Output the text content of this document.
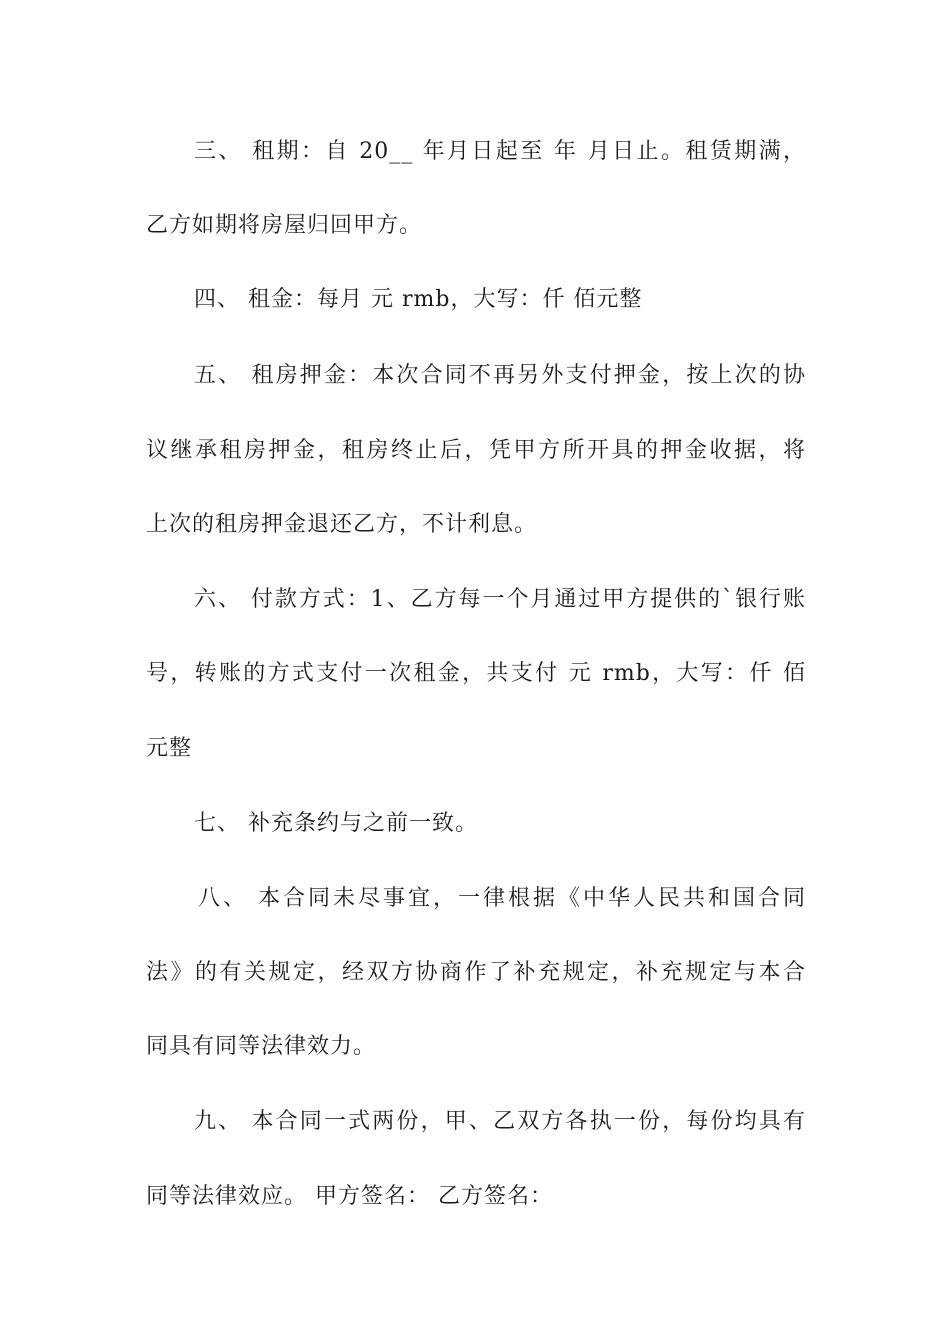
三、 租期：自 20__ 年月日起至 年 月日止。租赁期满，
乙方如期将房屋归回甲方。
四、 租金：每月 元 rmb，大写：仟 佰元整
五、 租房押金：本次合同不再另外支付押金，按上次的协
议继承租房押金，租房终止后，凭甲方所开具的押金收据，将
上次的租房押金退还乙方，不计利息。
六、 付款方式：1、乙方每一个月通过甲方提供的`银行账
号，转账的方式支付一次租金，共支付 元 rmb，大写：仟 佰
元整
七、 补充条约与之前一致。
八、 本合同未尽事宜，一律根据《中华人民共和国合同
法》的有关规定，经双方协商作了补充规定，补充规定与本合
同具有同等法律效力。
九、 本合同一式两份，甲、乙双方各执一份，每份均具有
同等法律效应。 甲方签名： 乙方签名：
